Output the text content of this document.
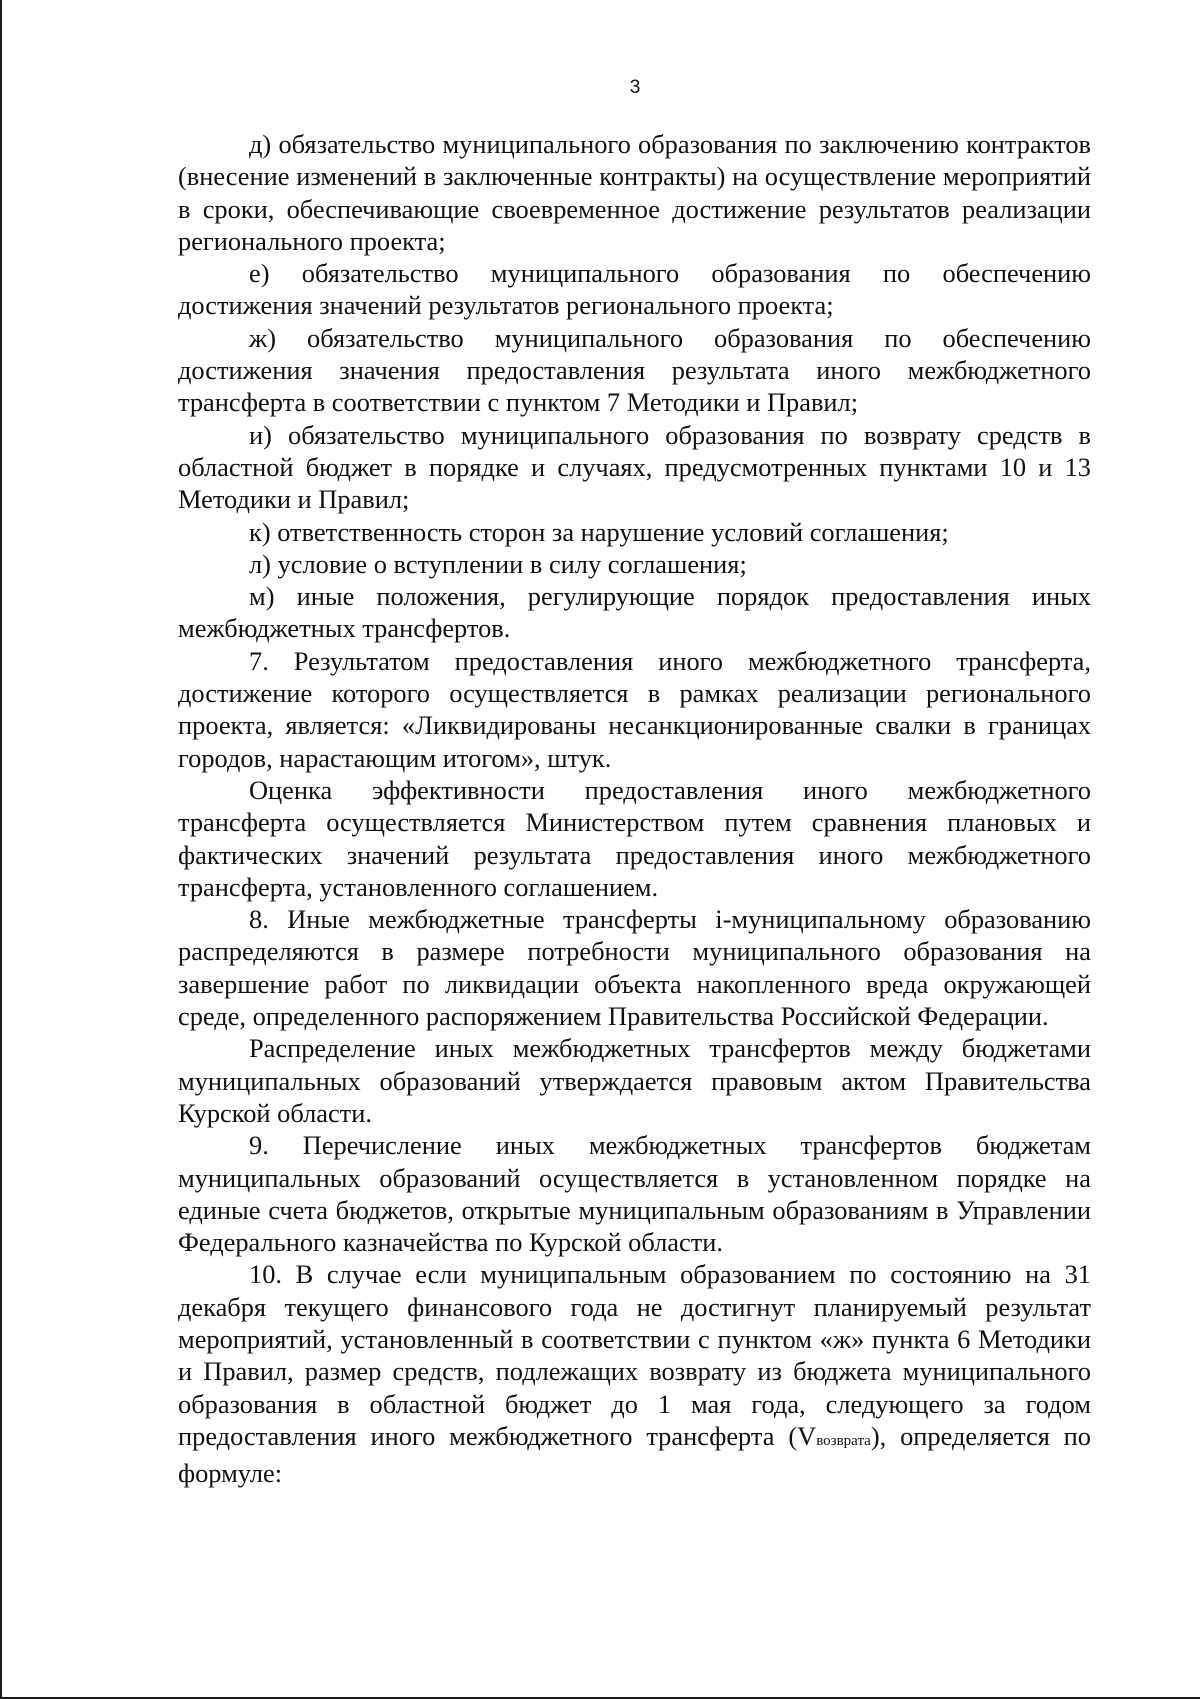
3

д) обязательство муниципального образования по заключению контрактов (внесение изменений в заключенные контракты) на осуществление мероприятий в сроки, обеспечивающие своевременное достижение результатов реализации регионального проекта;

е) обязательство муниципального образования по обеспечению достижения значений результатов регионального проекта;

ж) обязательство муниципального образования по обеспечению достижения значения предоставления результата иного межбюджетного трансферта в соответствии с пунктом 7 Методики и Правил;

и) обязательство муниципального образования по возврату средств в областной бюджет в порядке и случаях, предусмотренных пунктами 10 и 13 Методики и Правил;

к) ответственность сторон за нарушение условий соглашения;

л) условие о вступлении в силу соглашения;

м) иные положения, регулирующие порядок предоставления иных межбюджетных трансфертов.

7. Результатом предоставления иного межбюджетного трансферта, достижение которого осуществляется в рамках реализации регионального проекта, является: «Ликвидированы несанкционированные свалки в границах городов, нарастающим итогом», штук.

Оценка эффективности предоставления иного межбюджетного трансферта осуществляется Министерством путем сравнения плановых и фактических значений результата предоставления иного межбюджетного трансферта, установленного соглашением.

8. Иные межбюджетные трансферты i-муниципальному образованию распределяются в размере потребности муниципального образования на завершение работ по ликвидации объекта накопленного вреда окружающей среде, определенного распоряжением Правительства Российской Федерации.

Распределение иных межбюджетных трансфертов между бюджетами муниципальных образований утверждается правовым актом Правительства Курской области.

9. Перечисление иных межбюджетных трансфертов бюджетам муниципальных образований осуществляется в установленном порядке на единые счета бюджетов, открытые муниципальным образованиям в Управлении Федерального казначейства по Курской области.

10. В случае если муниципальным образованием по состоянию на 31 декабря текущего финансового года не достигнут планируемый результат мероприятий, установленный в соответствии с пунктом «ж» пункта 6 Методики и Правил, размер средств, подлежащих возврату из бюджета муниципального образования в областной бюджет до 1 мая года, следующего за годом предоставления иного межбюджетного трансферта (Vвозврата), определяется по формуле:
